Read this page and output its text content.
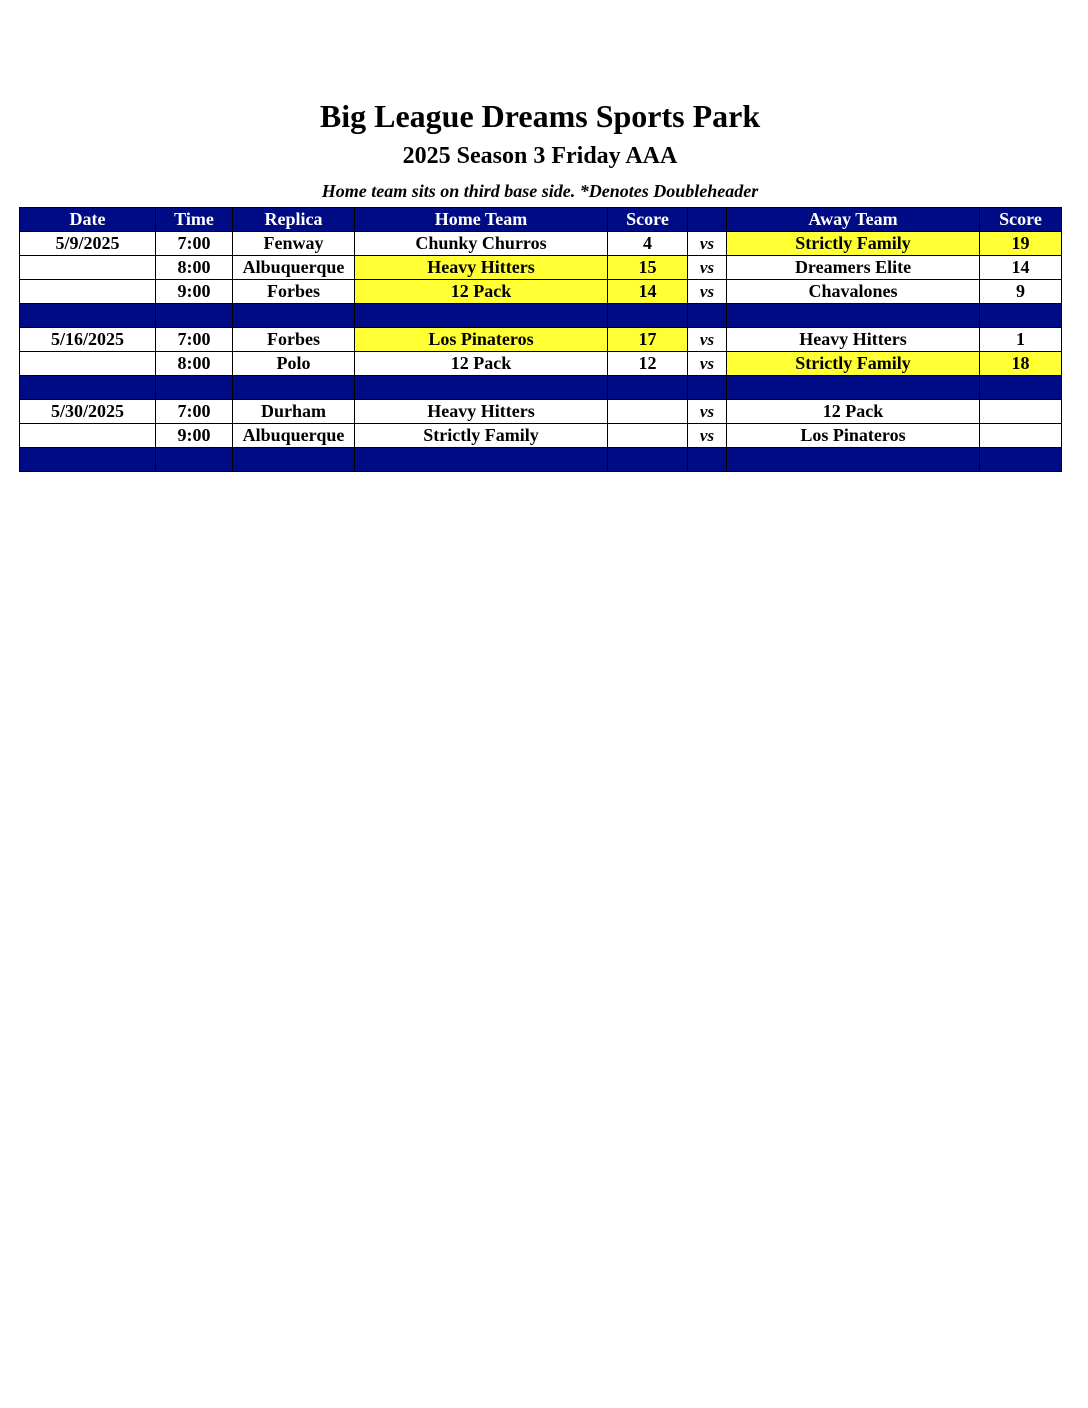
Big League Dreams Sports Park
2025 Season 3 Friday AAA
Home team sits on third base side. *Denotes Doubleheader
Date	Time	Replica	Home Team	Score		Away Team	Score
5/9/2025	7:00	Fenway	Chunky Churros	4	vs	Strictly Family	19
	8:00	Albuquerque	Heavy Hitters	15	vs	Dreamers Elite	14
	9:00	Forbes	12 Pack	14	vs	Chavalones	9

5/16/2025	7:00	Forbes	Los Pinateros	17	vs	Heavy Hitters	1
	8:00	Polo	12 Pack	12	vs	Strictly Family	18

5/30/2025	7:00	Durham	Heavy Hitters		vs	12 Pack	
	9:00	Albuquerque	Strictly Family		vs	Los Pinateros	
